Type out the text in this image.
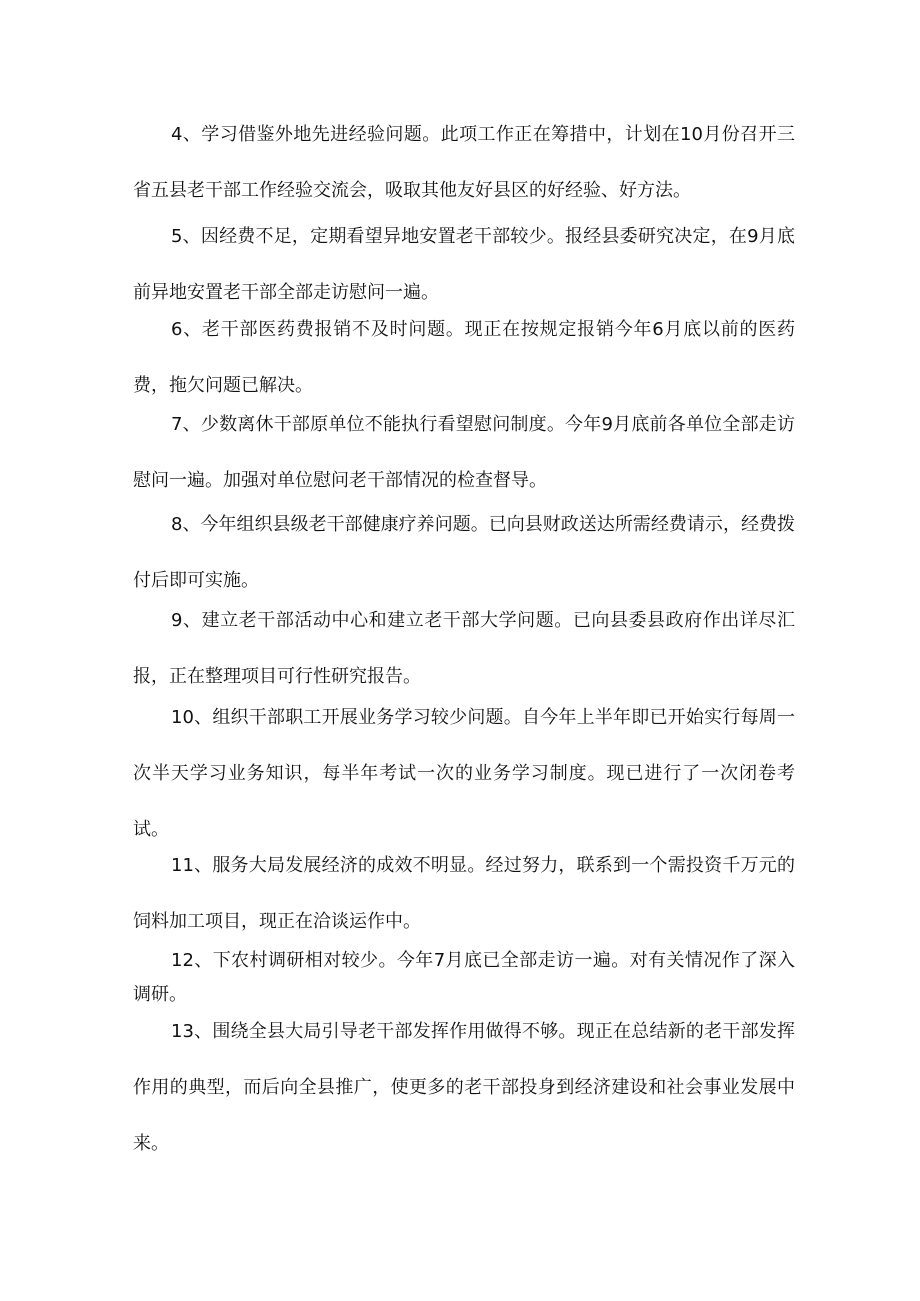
4、学习借鉴外地先进经验问题。此项工作正在筹措中，计划在10月份召开三省五县老干部工作经验交流会，吸取其他友好县区的好经验、好方法。

5、因经费不足，定期看望异地安置老干部较少。报经县委研究决定，在9月底前异地安置老干部全部走访慰问一遍。

6、老干部医药费报销不及时问题。现正在按规定报销今年6月底以前的医药费，拖欠问题已解决。

7、少数离休干部原单位不能执行看望慰问制度。今年9月底前各单位全部走访慰问一遍。加强对单位慰问老干部情况的检查督导。

8、今年组织县级老干部健康疗养问题。已向县财政送达所需经费请示，经费拨付后即可实施。

9、建立老干部活动中心和建立老干部大学问题。已向县委县政府作出详尽汇报，正在整理项目可行性研究报告。

10、组织干部职工开展业务学习较少问题。自今年上半年即已开始实行每周一次半天学习业务知识，每半年考试一次的业务学习制度。现已进行了一次闭卷考试。

11、服务大局发展经济的成效不明显。经过努力，联系到一个需投资千万元的饲料加工项目，现正在洽谈运作中。

12、下农村调研相对较少。今年7月底已全部走访一遍。对有关情况作了深入调研。

13、围绕全县大局引导老干部发挥作用做得不够。现正在总结新的老干部发挥作用的典型，而后向全县推广，使更多的老干部投身到经济建设和社会事业发展中来。
